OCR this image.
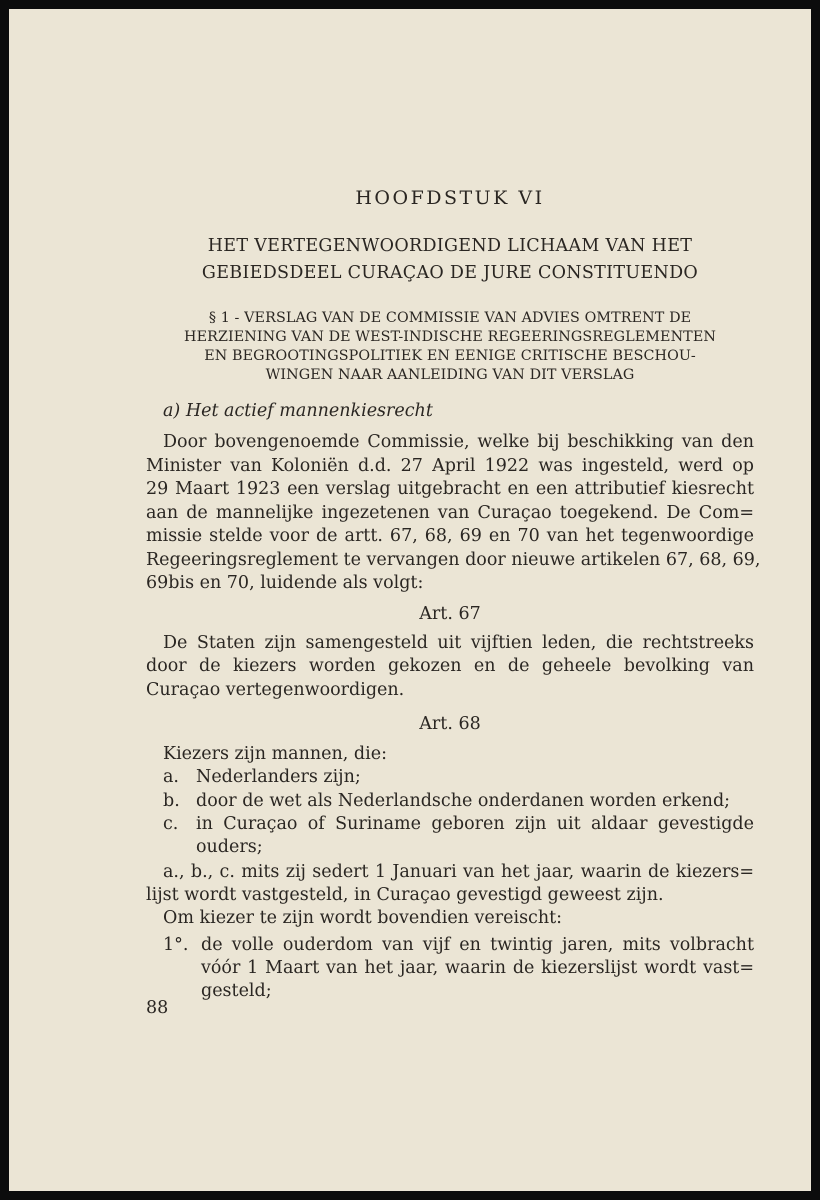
HOOFDSTUK VI

HET VERTEGENWOORDIGEND LICHAAM VAN HET

GEBIEDSDEEL CURAÇAO DE JURE CONSTITUENDO

§ 1 - VERSLAG VAN DE COMMISSIE VAN ADVIES OMTRENT DE

HERZIENING VAN DE WEST-INDISCHE REGEERINGSREGLEMENTEN

EN BEGROOTINGSPOLITIEK EN EENIGE CRITISCHE BESCHOU-

WINGEN NAAR AANLEIDING VAN DIT VERSLAG

a) Het actief mannenkiesrecht

Door bovengenoemde Commissie, welke bij beschikking van den

Minister van Koloniën d.d. 27 April 1922 was ingesteld, werd op

29 Maart 1923 een verslag uitgebracht en een attributief kiesrecht

aan de mannelijke ingezetenen van Curaçao toegekend. De Com=

missie stelde voor de artt. 67, 68, 69 en 70 van het tegenwoordige

Regeeringsreglement te vervangen door nieuwe artikelen 67, 68, 69,

69bis en 70, luidende als volgt:

Art. 67

De Staten zijn samengesteld uit vijftien leden, die rechtstreeks

door de kiezers worden gekozen en de geheele bevolking van

Curaçao vertegenwoordigen.

Art. 68

Kiezers zijn mannen, die:

a. Nederlanders zijn;

b. door de wet als Nederlandsche onderdanen worden erkend;

c. in Curaçao of Suriname geboren zijn uit aldaar gevestigde

ouders;

a., b., c. mits zij sedert 1 Januari van het jaar, waarin de kiezers=

lijst wordt vastgesteld, in Curaçao gevestigd geweest zijn.

Om kiezer te zijn wordt bovendien vereischt:

1°. de volle ouderdom van vijf en twintig jaren, mits volbracht

vóór 1 Maart van het jaar, waarin de kiezerslijst wordt vast=

gesteld;

88
